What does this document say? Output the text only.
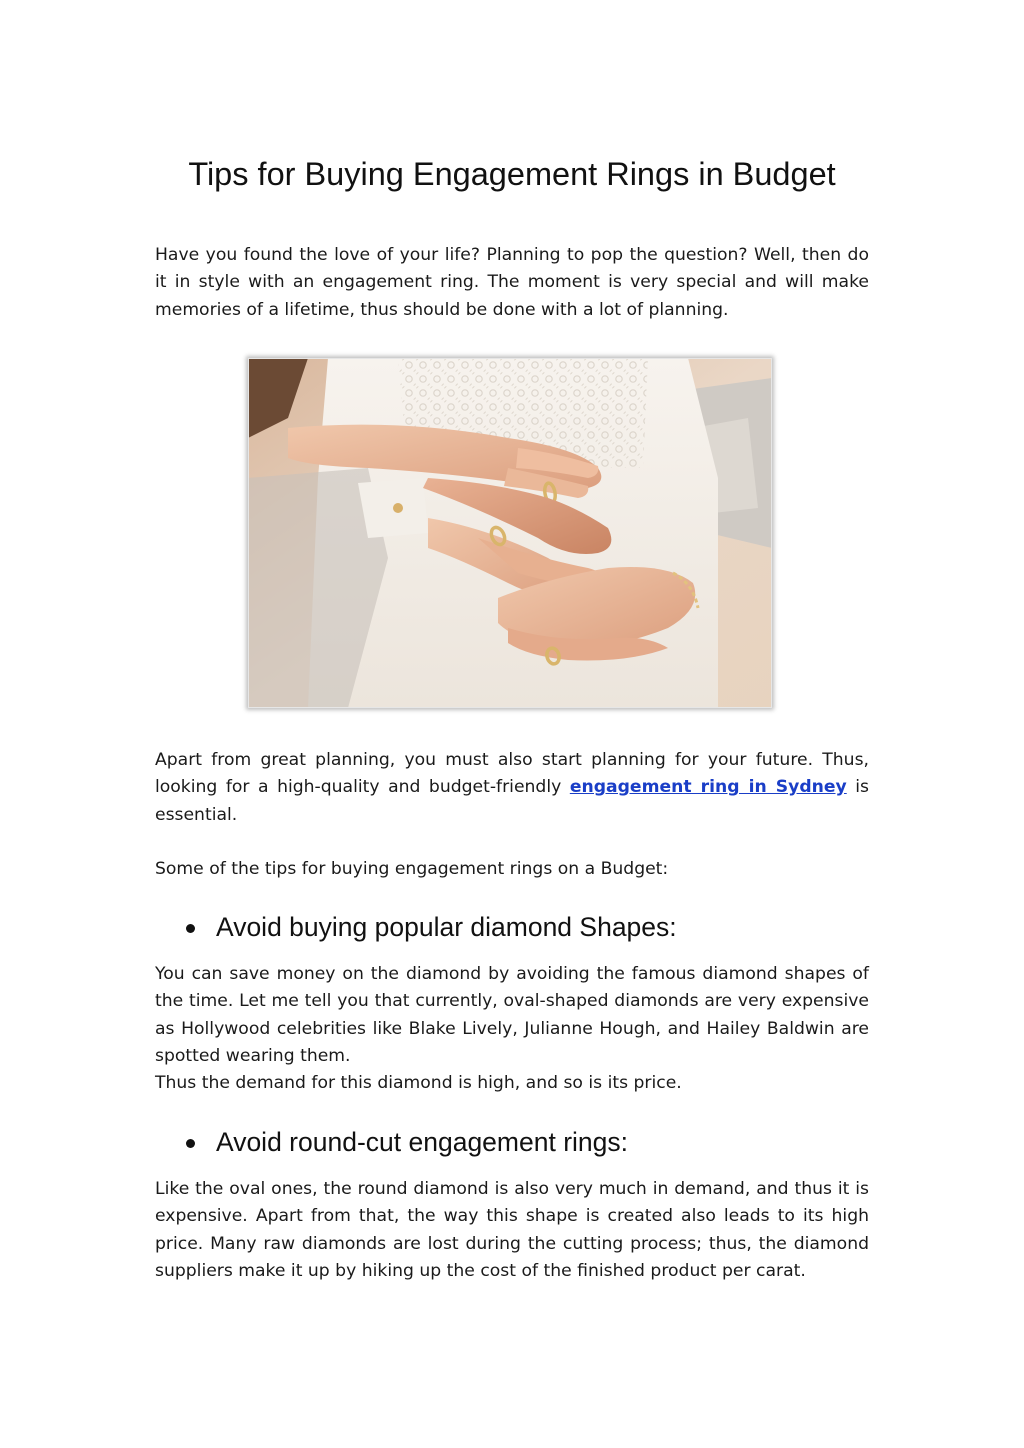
Tips for Buying Engagement Rings in Budget

Have you found the love of your life? Planning to pop the question? Well, then do it in style with an engagement ring. The moment is very special and will make memories of a lifetime, thus should be done with a lot of planning.

Apart from great planning, you must also start planning for your future. Thus, looking for a high-quality and budget-friendly engagement ring in Sydney is essential.

Some of the tips for buying engagement rings on a Budget:

Avoid buying popular diamond Shapes:

You can save money on the diamond by avoiding the famous diamond shapes of the time. Let me tell you that currently, oval-shaped diamonds are very expensive as Hollywood celebrities like Blake Lively, Julianne Hough, and Hailey Baldwin are spotted wearing them.
Thus the demand for this diamond is high, and so is its price.

Avoid round-cut engagement rings:

Like the oval ones, the round diamond is also very much in demand, and thus it is expensive. Apart from that, the way this shape is created also leads to its high price. Many raw diamonds are lost during the cutting process; thus, the diamond suppliers make it up by hiking up the cost of the finished product per carat.
